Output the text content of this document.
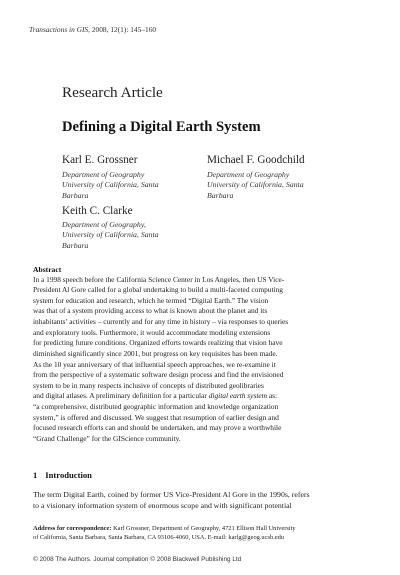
Transactions in GIS, 2008, 12(1): 145–160
Research Article
Defining a Digital Earth System
Karl E. Grossner
Department of Geography
University of California, Santa
Barbara
Michael F. Goodchild
Department of Geography
University of California, Santa
Barbara
Keith C. Clarke
Department of Geography,
University of California, Santa
Barbara
Abstract
In a 1998 speech before the California Science Center in Los Angeles, then US Vice-
President Al Gore called for a global undertaking to build a multi-faceted computing
system for education and research, which he termed “Digital Earth.” The vision
was that of a system providing access to what is known about the planet and its
inhabitants’ activities – currently and for any time in history – via responses to queries
and exploratory tools. Furthermore, it would accommodate modeling extensions
for predicting future conditions. Organized efforts towards realizing that vision have
diminished significantly since 2001, but progress on key requisites has been made.
As the 10 year anniversary of that influential speech approaches, we re-examine it
from the perspective of a systematic software design process and find the envisioned
system to be in many respects inclusive of concepts of distributed geolibraries
and digital atlases. A preliminary definition for a particular digital earth system as:
“a comprehensive, distributed geographic information and knowledge organization
system,” is offered and discussed. We suggest that resumption of earlier design and
focused research efforts can and should be undertaken, and may prove a worthwhile
“Grand Challenge” for the GIScience community.
1 Introduction
The term Digital Earth, coined by former US Vice-President Al Gore in the 1990s, refers
to a visionary information system of enormous scope and with significant potential
Address for correspondence: Karl Grossner, Department of Geography, 4721 Ellison Hall University
of California, Santa Barbara, Santa Barbara, CA 93106-4060, USA. E-mail: karlg@geog.ucsb.edu
© 2008 The Authors. Journal compilation © 2008 Blackwell Publishing Ltd
